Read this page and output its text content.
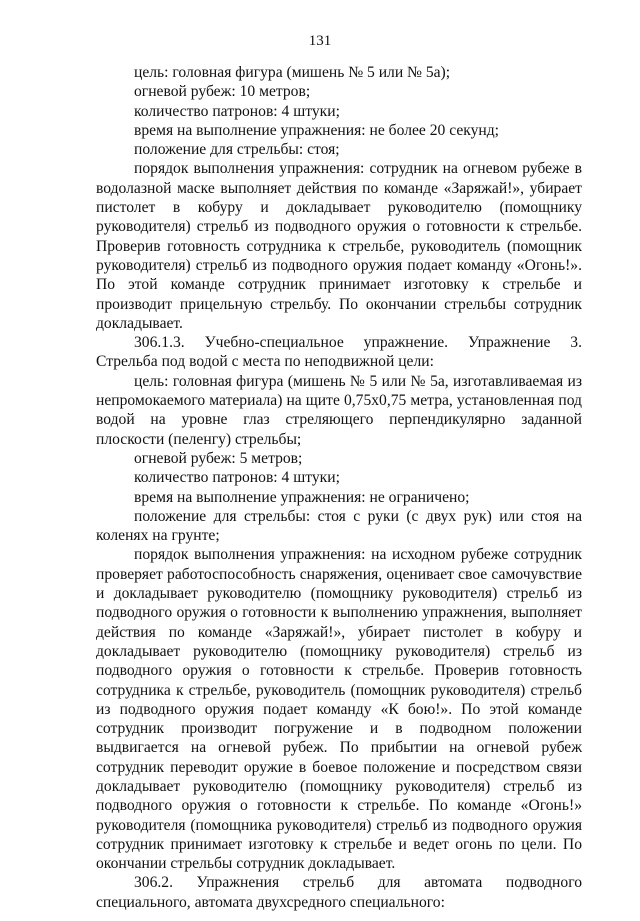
131

цель: головная фигура (мишень № 5 или № 5а);

огневой рубеж: 10 метров;

количество патронов: 4 штуки;

время на выполнение упражнения: не более 20 секунд;

положение для стрельбы: стоя;

порядок выполнения упражнения: сотрудник на огневом рубеже в водолазной маске выполняет действия по команде «Заряжай!», убирает пистолет в кобуру и докладывает руководителю (помощнику руководителя) стрельб из подводного оружия о готовности к стрельбе. Проверив готовность сотрудника к стрельбе, руководитель (помощник руководителя) стрельб из подводного оружия подает команду «Огонь!». По этой команде сотрудник принимает изготовку к стрельбе и производит прицельную стрельбу. По окончании стрельбы сотрудник докладывает.

306.1.3. Учебно-специальное упражнение. Упражнение 3. Стрельба под водой с места по неподвижной цели:

цель: головная фигура (мишень № 5 или № 5а, изготавливаемая из непромокаемого материала) на щите 0,75х0,75 метра, установленная под водой на уровне глаз стреляющего перпендикулярно заданной плоскости (пеленгу) стрельбы;

огневой рубеж: 5 метров;

количество патронов: 4 штуки;

время на выполнение упражнения: не ограничено;

положение для стрельбы: стоя с руки (с двух рук) или стоя на коленях на грунте;

порядок выполнения упражнения: на исходном рубеже сотрудник проверяет работоспособность снаряжения, оценивает свое самочувствие и докладывает руководителю (помощнику руководителя) стрельб из подводного оружия о готовности к выполнению упражнения, выполняет действия по команде «Заряжай!», убирает пистолет в кобуру и докладывает руководителю (помощнику руководителя) стрельб из подводного оружия о готовности к стрельбе. Проверив готовность сотрудника к стрельбе, руководитель (помощник руководителя) стрельб из подводного оружия подает команду «К бою!». По этой команде сотрудник производит погружение и в подводном положении выдвигается на огневой рубеж. По прибытии на огневой рубеж сотрудник переводит оружие в боевое положение и посредством связи докладывает руководителю (помощнику руководителя) стрельб из подводного оружия о готовности к стрельбе. По команде «Огонь!» руководителя (помощника руководителя) стрельб из подводного оружия сотрудник принимает изготовку к стрельбе и ведет огонь по цели. По окончании стрельбы сотрудник докладывает.

306.2. Упражнения стрельб для автомата подводного специального, автомата двухсредного специального:
